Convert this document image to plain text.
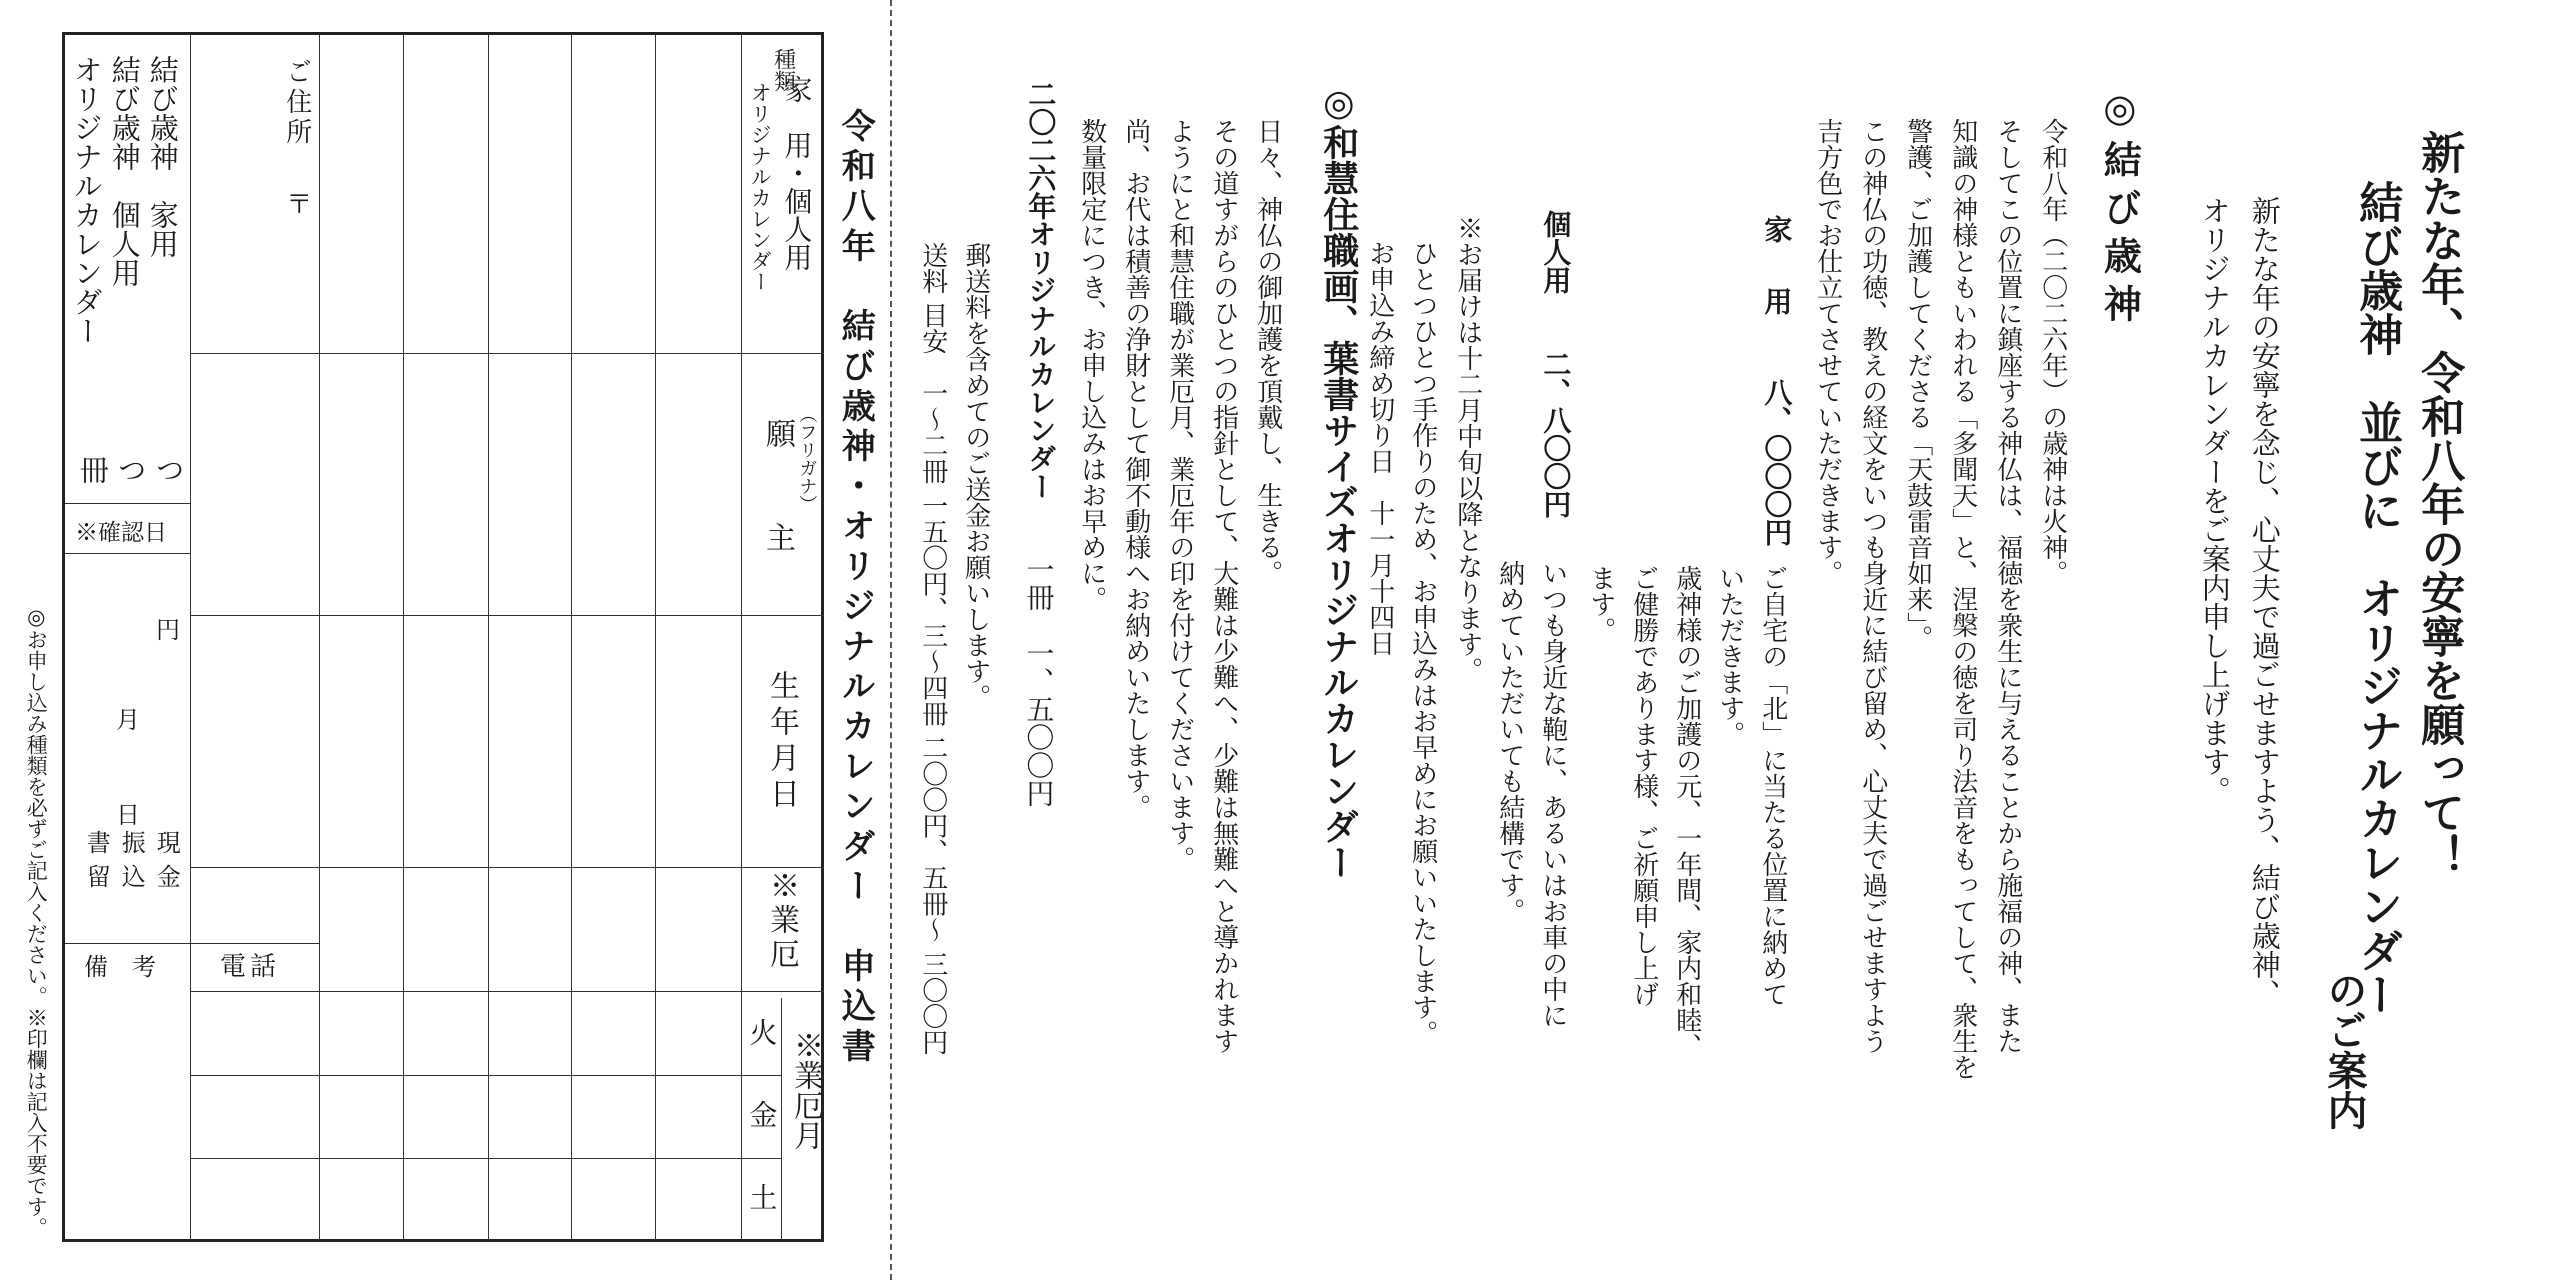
新たな年、令和八年の安寧を願って！
結び歳神　並びに　オリジナルカレンダー
のご案内
新たな年の安寧を念じ、心丈夫で過ごせますよう、結び歳神、
オリジナルカレンダーをご案内申し上げます。
◎結び歳神
令和八年（二〇二六年）の歳神は火神。
そしてこの位置に鎮座する神仏は、福徳を衆生に与えることから施福の神、また
知識の神様ともいわれる「多聞天」と、涅槃の徳を司り法音をもってして、衆生を
警護、ご加護してくださる「天鼓雷音如来」。
この神仏の功徳、教えの経文をいつも身近に結び留め、心丈夫で過ごせますよう
吉方色でお仕立てさせていただきます。
家　用
八、〇〇〇円
ご自宅の「北」に当たる位置に納めて
いただきます。
歳神様のご加護の元、一年間、家内和睦、
ご健勝であります様、ご祈願申し上げ
ます。
個人用
二、八〇〇円
いつも身近な鞄に、あるいはお車の中に
納めていただいても結構です。
※お届けは十二月中旬以降となります。
ひとつひとつ手作りのため、お申込みはお早めにお願いいたします。
お申込み締め切り日　十一月十四日
◎和慧住職画、葉書サイズオリジナルカレンダー
日々、神仏の御加護を頂戴し、生きる。
その道すがらのひとつの指針として、大難は少難へ、少難は無難へと導かれます
ようにと和慧住職が業厄月、業厄年の印を付けてくださいます。
尚、お代は積善の浄財として御不動様へお納めいたします。
数量限定につき、お申し込みはお早めに。
二〇二六年オリジナルカレンダー
一冊　一、五〇〇円
郵送料を含めてのご送金お願いします。
送料 目安　一〜二冊 一五〇円、三〜四冊 二〇〇円、五冊〜 三〇〇円
令和八年　結び歳神・オリジナルカレンダー　申込書
種類
家　用・個人用
オリジナルカレンダー
（フリガナ）
願
主
生年月日
※業厄
※業厄月
火
金
土
ご住所
〒
電話
結び歳神　家用
結び歳神　個人用
オリジナルカレンダー
つ
つ
冊
※確認日
円
月
日
現金
振込
書留
備　考
◎お申し込み種類を必ずご記入ください。※印欄は記入不要です。
